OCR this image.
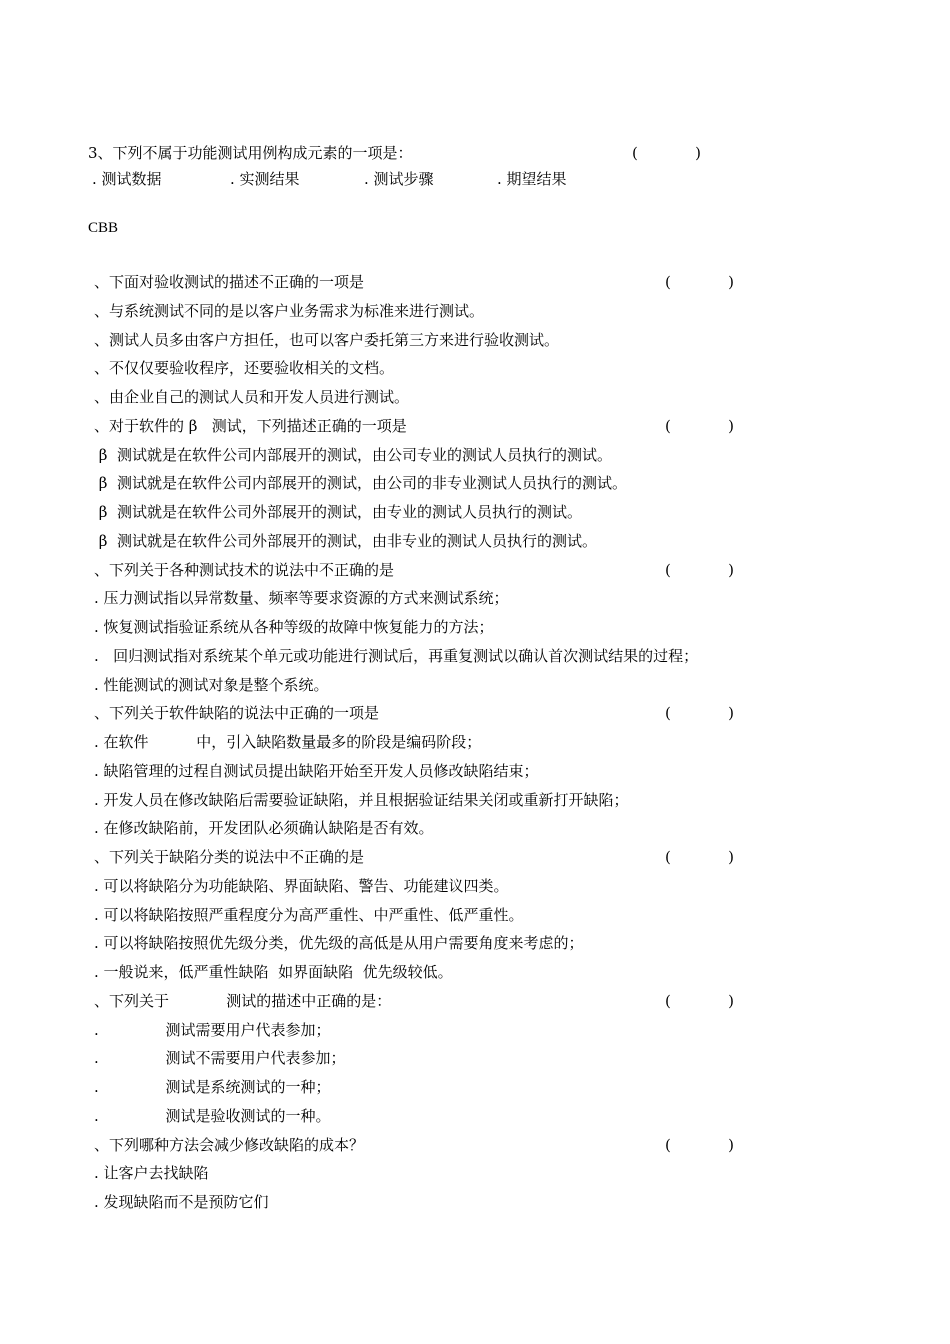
3、下列不属于功能测试用例构成元素的一项是：	(            )
. 测试数据	. 实测结果	. 测试步骤	. 期望结果
CBB
、下面对验收测试的描述不正确的一项是	(            )
、与系统测试不同的是以客户业务需求为标准来进行测试。
、测试人员多由客户方担任，也可以客户委托第三方来进行验收测试。
、不仅仅要验收程序，还要验收相关的文档。
、由企业自己的测试人员和开发人员进行测试。
、对于软件的 β   测试，下列描述正确的一项是	(            )
β  测试就是在软件公司内部展开的测试，由公司专业的测试人员执行的测试。
β  测试就是在软件公司内部展开的测试，由公司的非专业测试人员执行的测试。
β  测试就是在软件公司外部展开的测试，由专业的测试人员执行的测试。
β  测试就是在软件公司外部展开的测试，由非专业的测试人员执行的测试。
、下列关于各种测试技术的说法中不正确的是	(            )
. 压力测试指以异常数量、频率等要求资源的方式来测试系统；
. 恢复测试指验证系统从各种等级的故障中恢复能力的方法；
.   回归测试指对系统某个单元或功能进行测试后，再重复测试以确认首次测试结果的过程；
. 性能测试的测试对象是整个系统。
、下列关于软件缺陷的说法中正确的一项是	(            )
. 在软件          中，引入缺陷数量最多的阶段是编码阶段；
. 缺陷管理的过程自测试员提出缺陷开始至开发人员修改缺陷结束；
. 开发人员在修改缺陷后需要验证缺陷，并且根据验证结果关闭或重新打开缺陷；
. 在修改缺陷前，开发团队必须确认缺陷是否有效。
、下列关于缺陷分类的说法中不正确的是	(            )
. 可以将缺陷分为功能缺陷、界面缺陷、警告、功能建议四类。
. 可以将缺陷按照严重程度分为高严重性、中严重性、低严重性。
. 可以将缺陷按照优先级分类，优先级的高低是从用户需要角度来考虑的；
. 一般说来，低严重性缺陷  如界面缺陷  优先级较低。
、下列关于            测试的描述中正确的是：	(            )
.              测试需要用户代表参加；
.              测试不需要用户代表参加；
.              测试是系统测试的一种；
.              测试是验收测试的一种。
、下列哪种方法会减少修改缺陷的成本？	(            )
. 让客户去找缺陷
. 发现缺陷而不是预防它们
